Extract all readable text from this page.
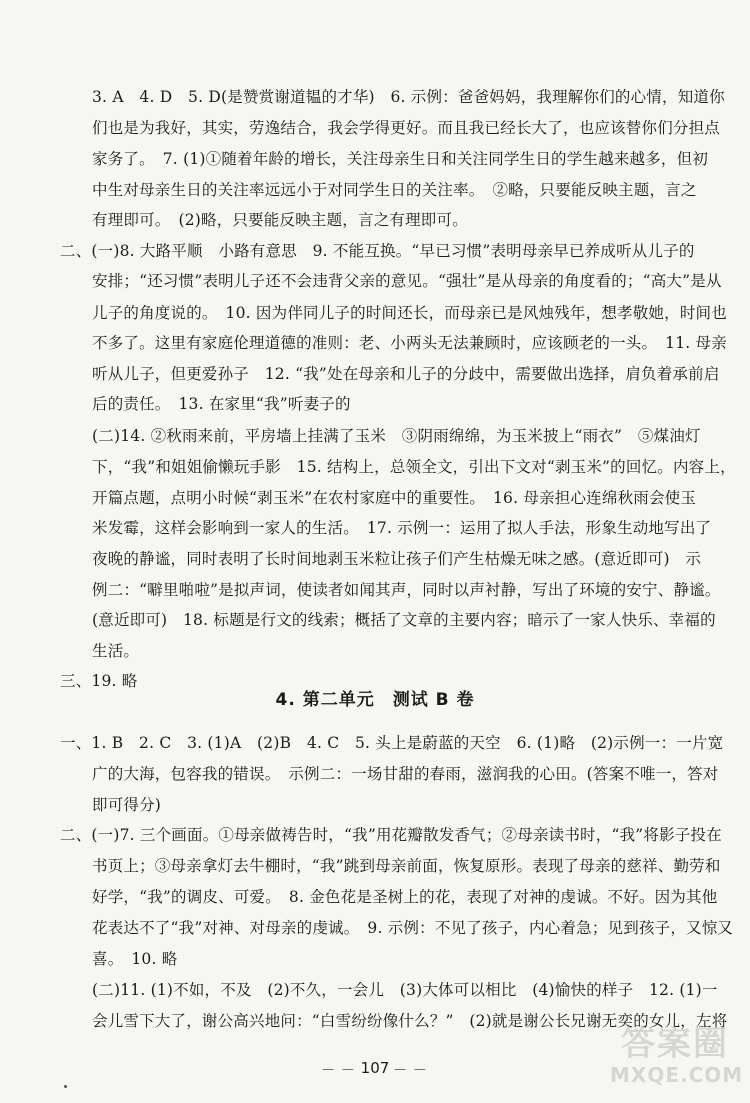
3. A　4. D　5. D(是赞赏谢道韫的才华)　6. 示例：爸爸妈妈，我理解你们的心情，知道你
们也是为我好，其实，劳逸结合，我会学得更好。而且我已经长大了，也应该替你们分担点
家务了。　7. (1)①随着年龄的增长，关注母亲生日和关注同学生日的学生越来越多，但初
中生对母亲生日的关注率远远小于对同学生日的关注率。　②略，只要能反映主题，言之
有理即可。　(2)略，只要能反映主题，言之有理即可。
二、(一)8. 大路平顺　小路有意思　9. 不能互换。“早已习惯”表明母亲早已养成听从儿子的
安排；“还习惯”表明儿子还不会违背父亲的意见。“强壮”是从母亲的角度看的；“高大”是从
儿子的角度说的。　10. 因为伴同儿子的时间还长，而母亲已是风烛残年，想孝敬她，时间也
不多了。这里有家庭伦理道德的准则：老、小两头无法兼顾时，应该顾老的一头。　11. 母亲
听从儿子，但更爱孙子　12. “我”处在母亲和儿子的分歧中，需要做出选择，肩负着承前启
后的责任。　13. 在家里“我”听妻子的
(二)14. ②秋雨来前，平房墙上挂满了玉米　③阴雨绵绵，为玉米披上“雨衣”　⑤煤油灯
下，“我”和姐姐偷懒玩手影　15. 结构上，总领全文，引出下文对“剥玉米”的回忆。内容上，
开篇点题，点明小时候“剥玉米”在农村家庭中的重要性。　16. 母亲担心连绵秋雨会使玉
米发霉，这样会影响到一家人的生活。　17. 示例一：运用了拟人手法，形象生动地写出了
夜晚的静谧，同时表明了长时间地剥玉米粒让孩子们产生枯燥无味之感。(意近即可)　示
例二：“噼里啪啦”是拟声词，使读者如闻其声，同时以声衬静，写出了环境的安宁、静谧。
(意近即可)　18. 标题是行文的线索；概括了文章的主要内容；暗示了一家人快乐、幸福的
生活。
三、19. 略
4. 第二单元　测试 B 卷
一、1. B　2. C　3. (1)A　(2)B　4. C　5. 头上是蔚蓝的天空　6. (1)略　(2)示例一：一片宽
广的大海，包容我的错误。　示例二：一场甘甜的春雨，滋润我的心田。(答案不唯一，答对
即可得分)
二、(一)7. 三个画面。①母亲做祷告时，“我”用花瓣散发香气；②母亲读书时，“我”将影子投在
书页上；③母亲拿灯去牛棚时，“我”跳到母亲前面，恢复原形。表现了母亲的慈祥、勤劳和
好学，“我”的调皮、可爱。　8. 金色花是圣树上的花，表现了对神的虔诚。不好。因为其他
花表达不了“我”对神、对母亲的虔诚。　9. 示例：不见了孩子，内心着急；见到孩子，又惊又
喜。　10. 略
(二)11. (1)不如，不及　(2)不久，一会儿　(3)大体可以相比　(4)愉快的样子　12. (1)一
会儿雪下大了，谢公高兴地问：“白雪纷纷像什么？”　(2)就是谢公长兄谢无奕的女儿，左将
— — 107 — —
答案圈
MXQE.COM
